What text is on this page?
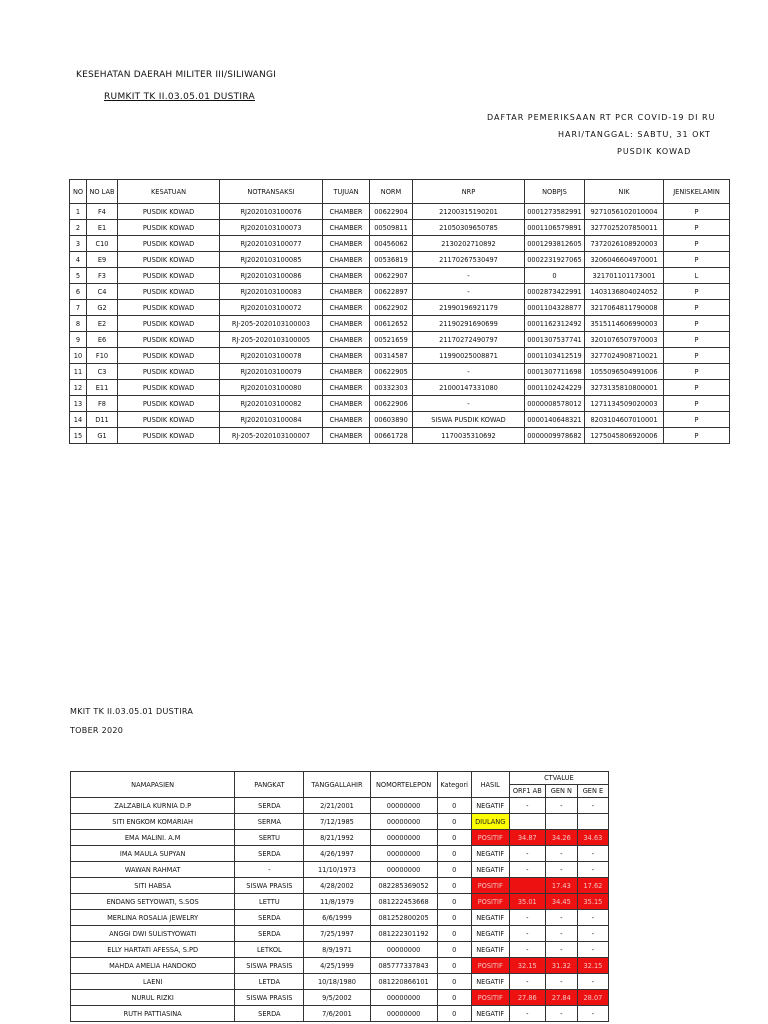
KESEHATAN DAERAH MILITER III/SILIWANGI
RUMKIT TK II.03.05.01 DUSTIRA
DAFTAR PEMERIKSAAN RT PCR COVID-19 DI RU
HARI/TANGGAL: SABTU, 31 OKT
PUSDIK KOWAD
NO	NO LAB	KESATUAN	NOTRANSAKSI	TUJUAN	NORM	NRP	NOBPJS	NIK	JENISKELAMIN
1	F4	PUSDIK KOWAD	RJ2020103100076	CHAMBER	00622904	21200315190201	0001273582991	9271056102010004	P
2	E1	PUSDIK KOWAD	RJ2020103100073	CHAMBER	00509811	21050309650785	0001106579891	3277025207850011	P
3	C10	PUSDIK KOWAD	RJ2020103100077	CHAMBER	00456062	2130202710892	0001293812605	7372026108920003	P
4	E9	PUSDIK KOWAD	RJ2020103100085	CHAMBER	00536819	21170267530497	0002231927065	3206046604970001	P
5	F3	PUSDIK KOWAD	RJ2020103100086	CHAMBER	00622907	-	0	321701101173001	L
6	C4	PUSDIK KOWAD	RJ2020103100083	CHAMBER	00622897	-	0002873422991	1403136804024052	P
7	G2	PUSDIK KOWAD	RJ2020103100072	CHAMBER	00622902	21990196921179	0001104328877	3217064811790008	P
8	E2	PUSDIK KOWAD	RJ-205-2020103100003	CHAMBER	00612652	21190291690699	0001162312492	3515114606990003	P
9	E6	PUSDIK KOWAD	RJ-205-2020103100005	CHAMBER	00521659	21170272490797	0001307537741	3201076507970003	P
10	F10	PUSDIK KOWAD	RJ2020103100078	CHAMBER	00314587	11990025008871	0001103412519	3277024908710021	P
11	C3	PUSDIK KOWAD	RJ2020103100079	CHAMBER	00622905	-	0001307711698	1055096504991006	P
12	E11	PUSDIK KOWAD	RJ2020103100080	CHAMBER	00332303	21000147331080	0001102424229	3273135810800001	P
13	F8	PUSDIK KOWAD	RJ2020103100082	CHAMBER	00622906	-	0000008578012	1271134509020003	P
14	D11	PUSDIK KOWAD	RJ2020103100084	CHAMBER	00603890	SISWA PUSDIK KOWAD	0000140648321	8203104607010001	P
15	G1	PUSDIK KOWAD	RJ-205-2020103100007	CHAMBER	00661728	1170035310692	0000009978682	1275045806920006	P
MKIT TK II.03.05.01 DUSTIRA
TOBER 2020
NAMAPASIEN	PANGKAT	TANGGALLAHIR	NOMORTELEPON	Kategori	HASIL	CTVALUE		
						ORF1 AB	GEN N	GEN E
ZALZABILA KURNIA D.P	SERDA	2/21/2001	00000000	0	NEGATIF	-	-	-
SITI ENGKOM KOMARIAH	SERMA	7/12/1985	00000000	0	DIULANG			
EMA MALINI. A.M	SERTU	8/21/1992	00000000	0	POSITIF	34.87	34.26	34.63
IMA MAULA SUPYAN	SERDA	4/26/1997	00000000	0	NEGATIF	-	-	-
WAWAN RAHMAT	-	11/10/1973	00000000	0	NEGATIF	-	-	-
SITI HABSA	SISWA PRASIS	4/28/2002	082285369052	0	POSITIF		17.43	17.62
ENDANG SETYOWATI, S.SOS	LETTU	11/8/1979	081222453668	0	POSITIF	35.01	34.45	35.15
MERLINA ROSALIA JEWELRY	SERDA	6/6/1999	081252800205	0	NEGATIF	-	-	-
ANGGI DWI SULISTYOWATI	SERDA	7/25/1997	081222301192	0	NEGATIF	-	-	-
ELLY HARTATI AFESSA, S.PD	LETKOL	8/9/1971	00000000	0	NEGATIF	-	-	-
MAHDA AMELIA HANDOKO	SISWA PRASIS	4/25/1999	085777337843	0	POSITIF	32.15	31.32	32.15
LAENI	LETDA	10/18/1980	081220866101	0	NEGATIF	-	-	-
NURUL RIZKI	SISWA PRASIS	9/5/2002	00000000	0	POSITIF	27.86	27.84	28.07
RUTH PATTIASINA	SERDA	7/6/2001	00000000	0	NEGATIF	-	-	-
